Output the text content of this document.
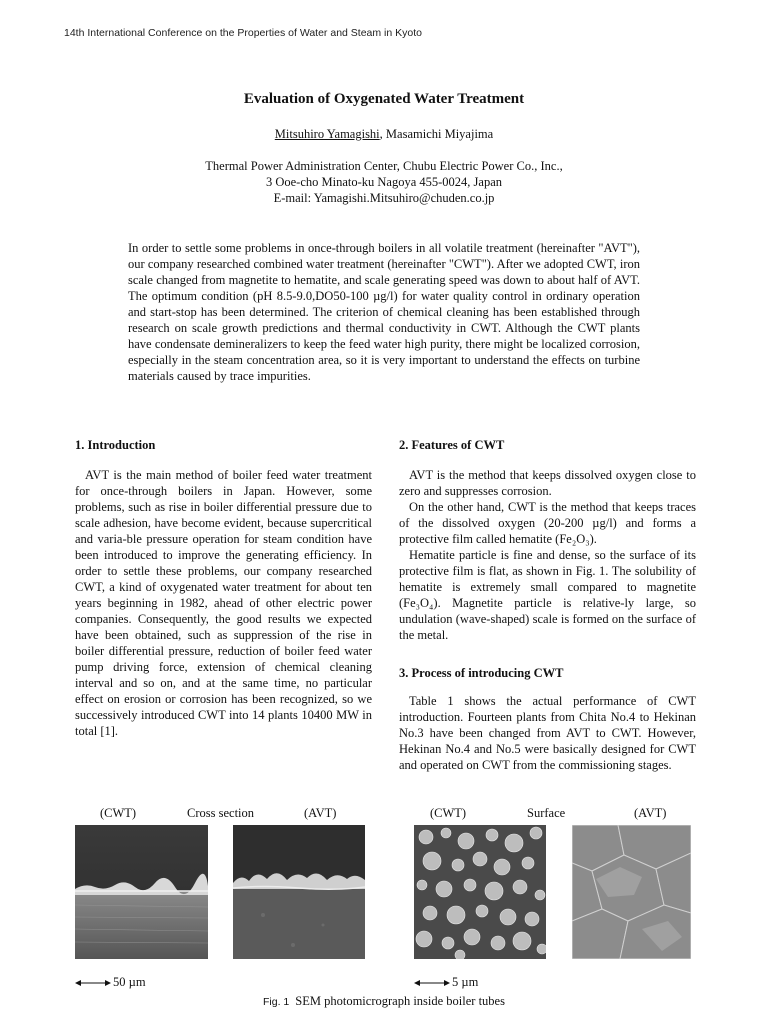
14th International Conference on the Properties of Water and Steam in Kyoto
Evaluation of Oxygenated Water Treatment
Mitsuhiro Yamagishi, Masamichi Miyajima
Thermal Power Administration Center, Chubu Electric Power Co., Inc.,
3 Ooe-cho Minato-ku Nagoya 455-0024, Japan
E-mail: Yamagishi.Mitsuhiro@chuden.co.jp
In order to settle some problems in once-through boilers in all volatile treatment (hereinafter "AVT"), our company researched combined water treatment (hereinafter "CWT"). After we adopted CWT, iron scale changed from magnetite to hematite, and scale generating speed was down to about half of AVT. The optimum condition (pH 8.5-9.0,DO50-100 µg/l) for water quality control in ordinary operation and start-stop has been determined. The criterion of chemical cleaning has been established through research on scale growth predictions and thermal conductivity in CWT. Although the CWT plants have condensate demineralizers to keep the feed water high purity, there might be localized corrosion, especially in the steam concentration area, so it is very important to understand the effects on turbine materials caused by trace impurities.
1. Introduction

AVT is the main method of boiler feed water treatment for once-through boilers in Japan. However, some problems, such as rise in boiler differential pressure due to scale adhesion, have become evident, because supercritical and varia-ble pressure operation for steam condition have been introduced to improve the generating efficiency. In order to settle these problems, our company researched CWT, a kind of oxygenated water treatment for about ten years beginning in 1982, ahead of other electric power companies. Consequently, the good results we expected have been obtained, such as suppression of the rise in boiler differential pressure, reduction of boiler feed water pump driving force, extension of chemical cleaning interval and so on, and at the same time, no particular effect on erosion or corrosion has been recognized, so we successively introduced CWT into 14 plants 10400 MW in total [1].

2. Features of CWT

AVT is the method that keeps dissolved oxygen close to zero and suppresses corrosion.

On the other hand, CWT is the method that keeps traces of the dissolved oxygen (20-200 µg/l) and forms a protective film called hematite (Fe₂O₃).

Hematite particle is fine and dense, so the surface of its protective film is flat, as shown in Fig. 1. The solubility of hematite is extremely small compared to magnetite (Fe₃O₄). Magnetite particle is relative-ly large, so undulation (wave-shaped) scale is formed on the surface of the metal.

3. Process of introducing CWT

Table 1 shows the actual performance of CWT introduction. Fourteen plants from Chita No.4 to Hekinan No.3 have been changed from AVT to CWT. However, Hekinan No.4 and No.5 were basically designed for CWT and operated on CWT from the commissioning stages.

(CWT)	Cross section	(AVT)	(CWT)	Surface	(AVT)
50 µm	5 µm
Fig. 1 SEM photomicrograph inside boiler tubes
